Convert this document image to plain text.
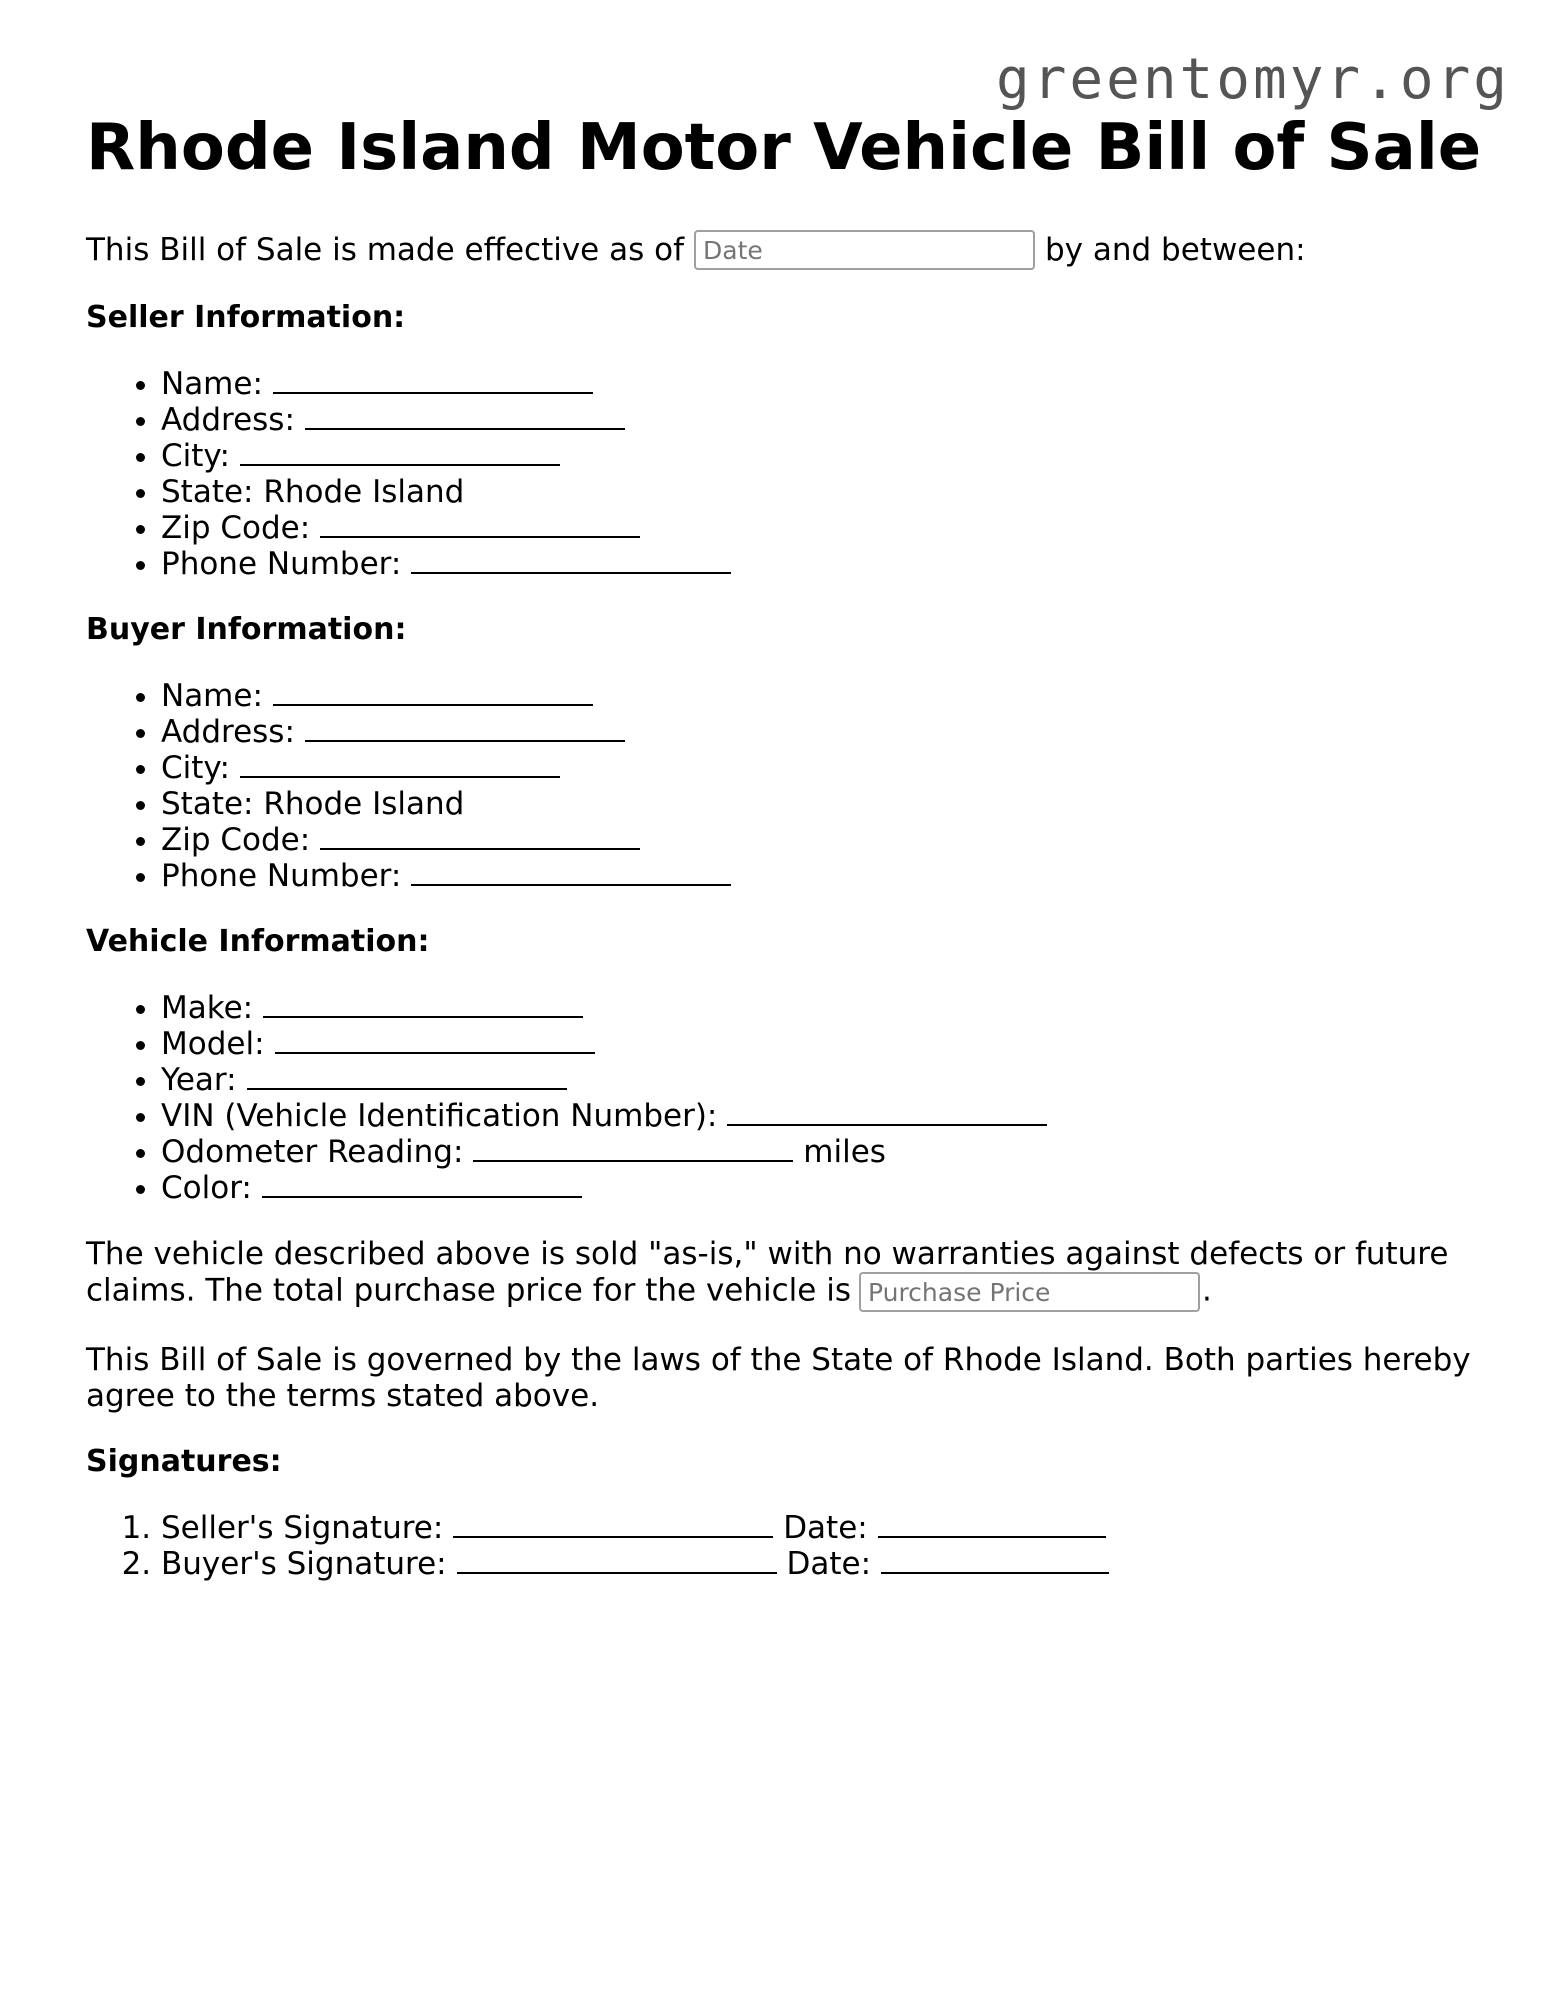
greentomyr.org
Rhode Island Motor Vehicle Bill of Sale

This Bill of Sale is made effective as of
Date	by and between:

Seller Information:
• Name:
• Address:
• City:
• State: Rhode Island
• Zip Code:
• Phone Number:
Buyer Information:
• Name:
• Address:
• City:
• State: Rhode Island
• Zip Code:
• Phone Number:
Vehicle Information:
• Make:
• Model:
• Year:
• VIN (Vehicle Identification Number):
• Odometer Reading:	miles
• Color:

The vehicle described above is sold "as-is," with no warranties against defects or future claims. The total purchase price for the vehicle isPurchase Price	.

This Bill of Sale is governed by the laws of the State of Rhode Island. Both parties hereby agree to the terms stated above.

Signatures:
1. Seller's Signature:	Date:
2. Buyer's Signature:	Date:
